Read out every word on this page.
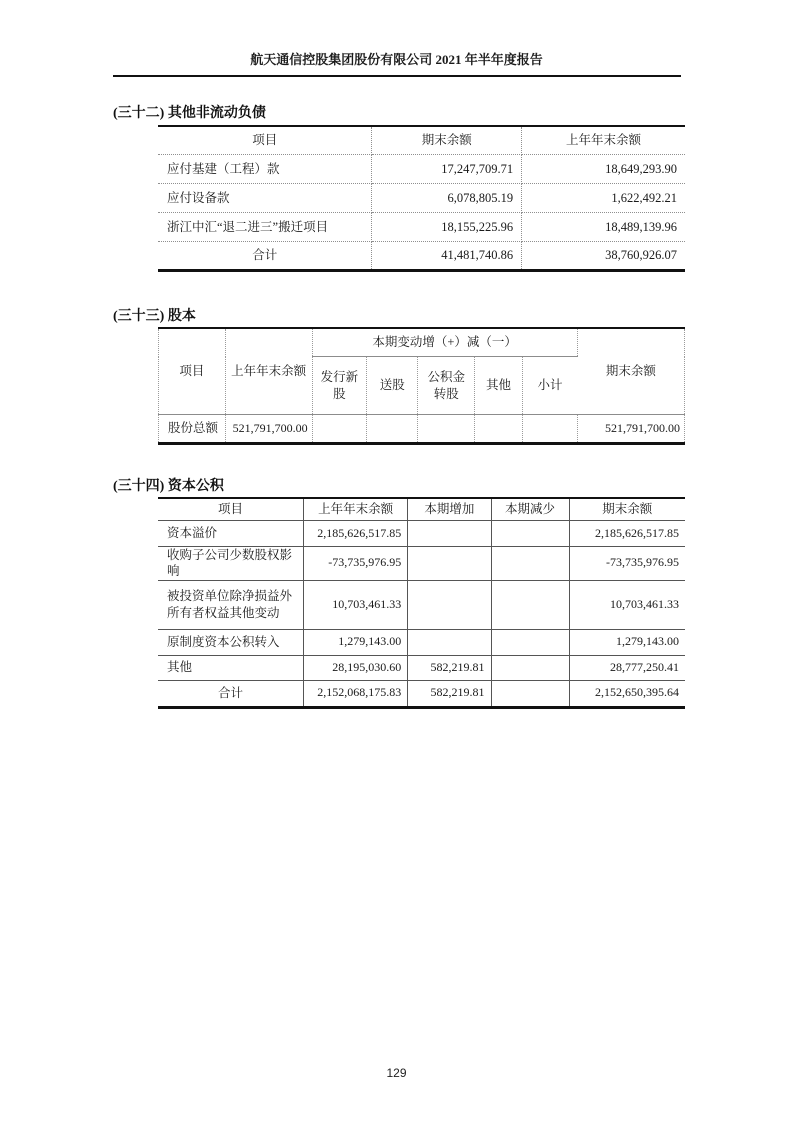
航天通信控股集团股份有限公司 2021 年半年度报告
(三十二) 其他非流动负债
项目	期末余额	上年年末余额
应付基建（工程）款	17,247,709.71	18,649,293.90
应付设备款	6,078,805.19	1,622,492.21
浙江中汇“退二进三”搬迁项目	18,155,225.96	18,489,139.96
合计	41,481,740.86	38,760,926.07
(三十三) 股本
项目	上年年末余额	本期变动增（+）减（一）					期末余额
		发行新股	送股	公积金转股	其他	小计	
股份总额	521,791,700.00						521,791,700.00
(三十四) 资本公积
项目	上年年末余额	本期增加	本期减少	期末余额
资本溢价	2,185,626,517.85			2,185,626,517.85
收购子公司少数股权影响	-73,735,976.95			-73,735,976.95
被投资单位除净损益外所有者权益其他变动	10,703,461.33			10,703,461.33
原制度资本公积转入	1,279,143.00			1,279,143.00
其他	28,195,030.60	582,219.81		28,777,250.41
合计	2,152,068,175.83	582,219.81		2,152,650,395.64
129
